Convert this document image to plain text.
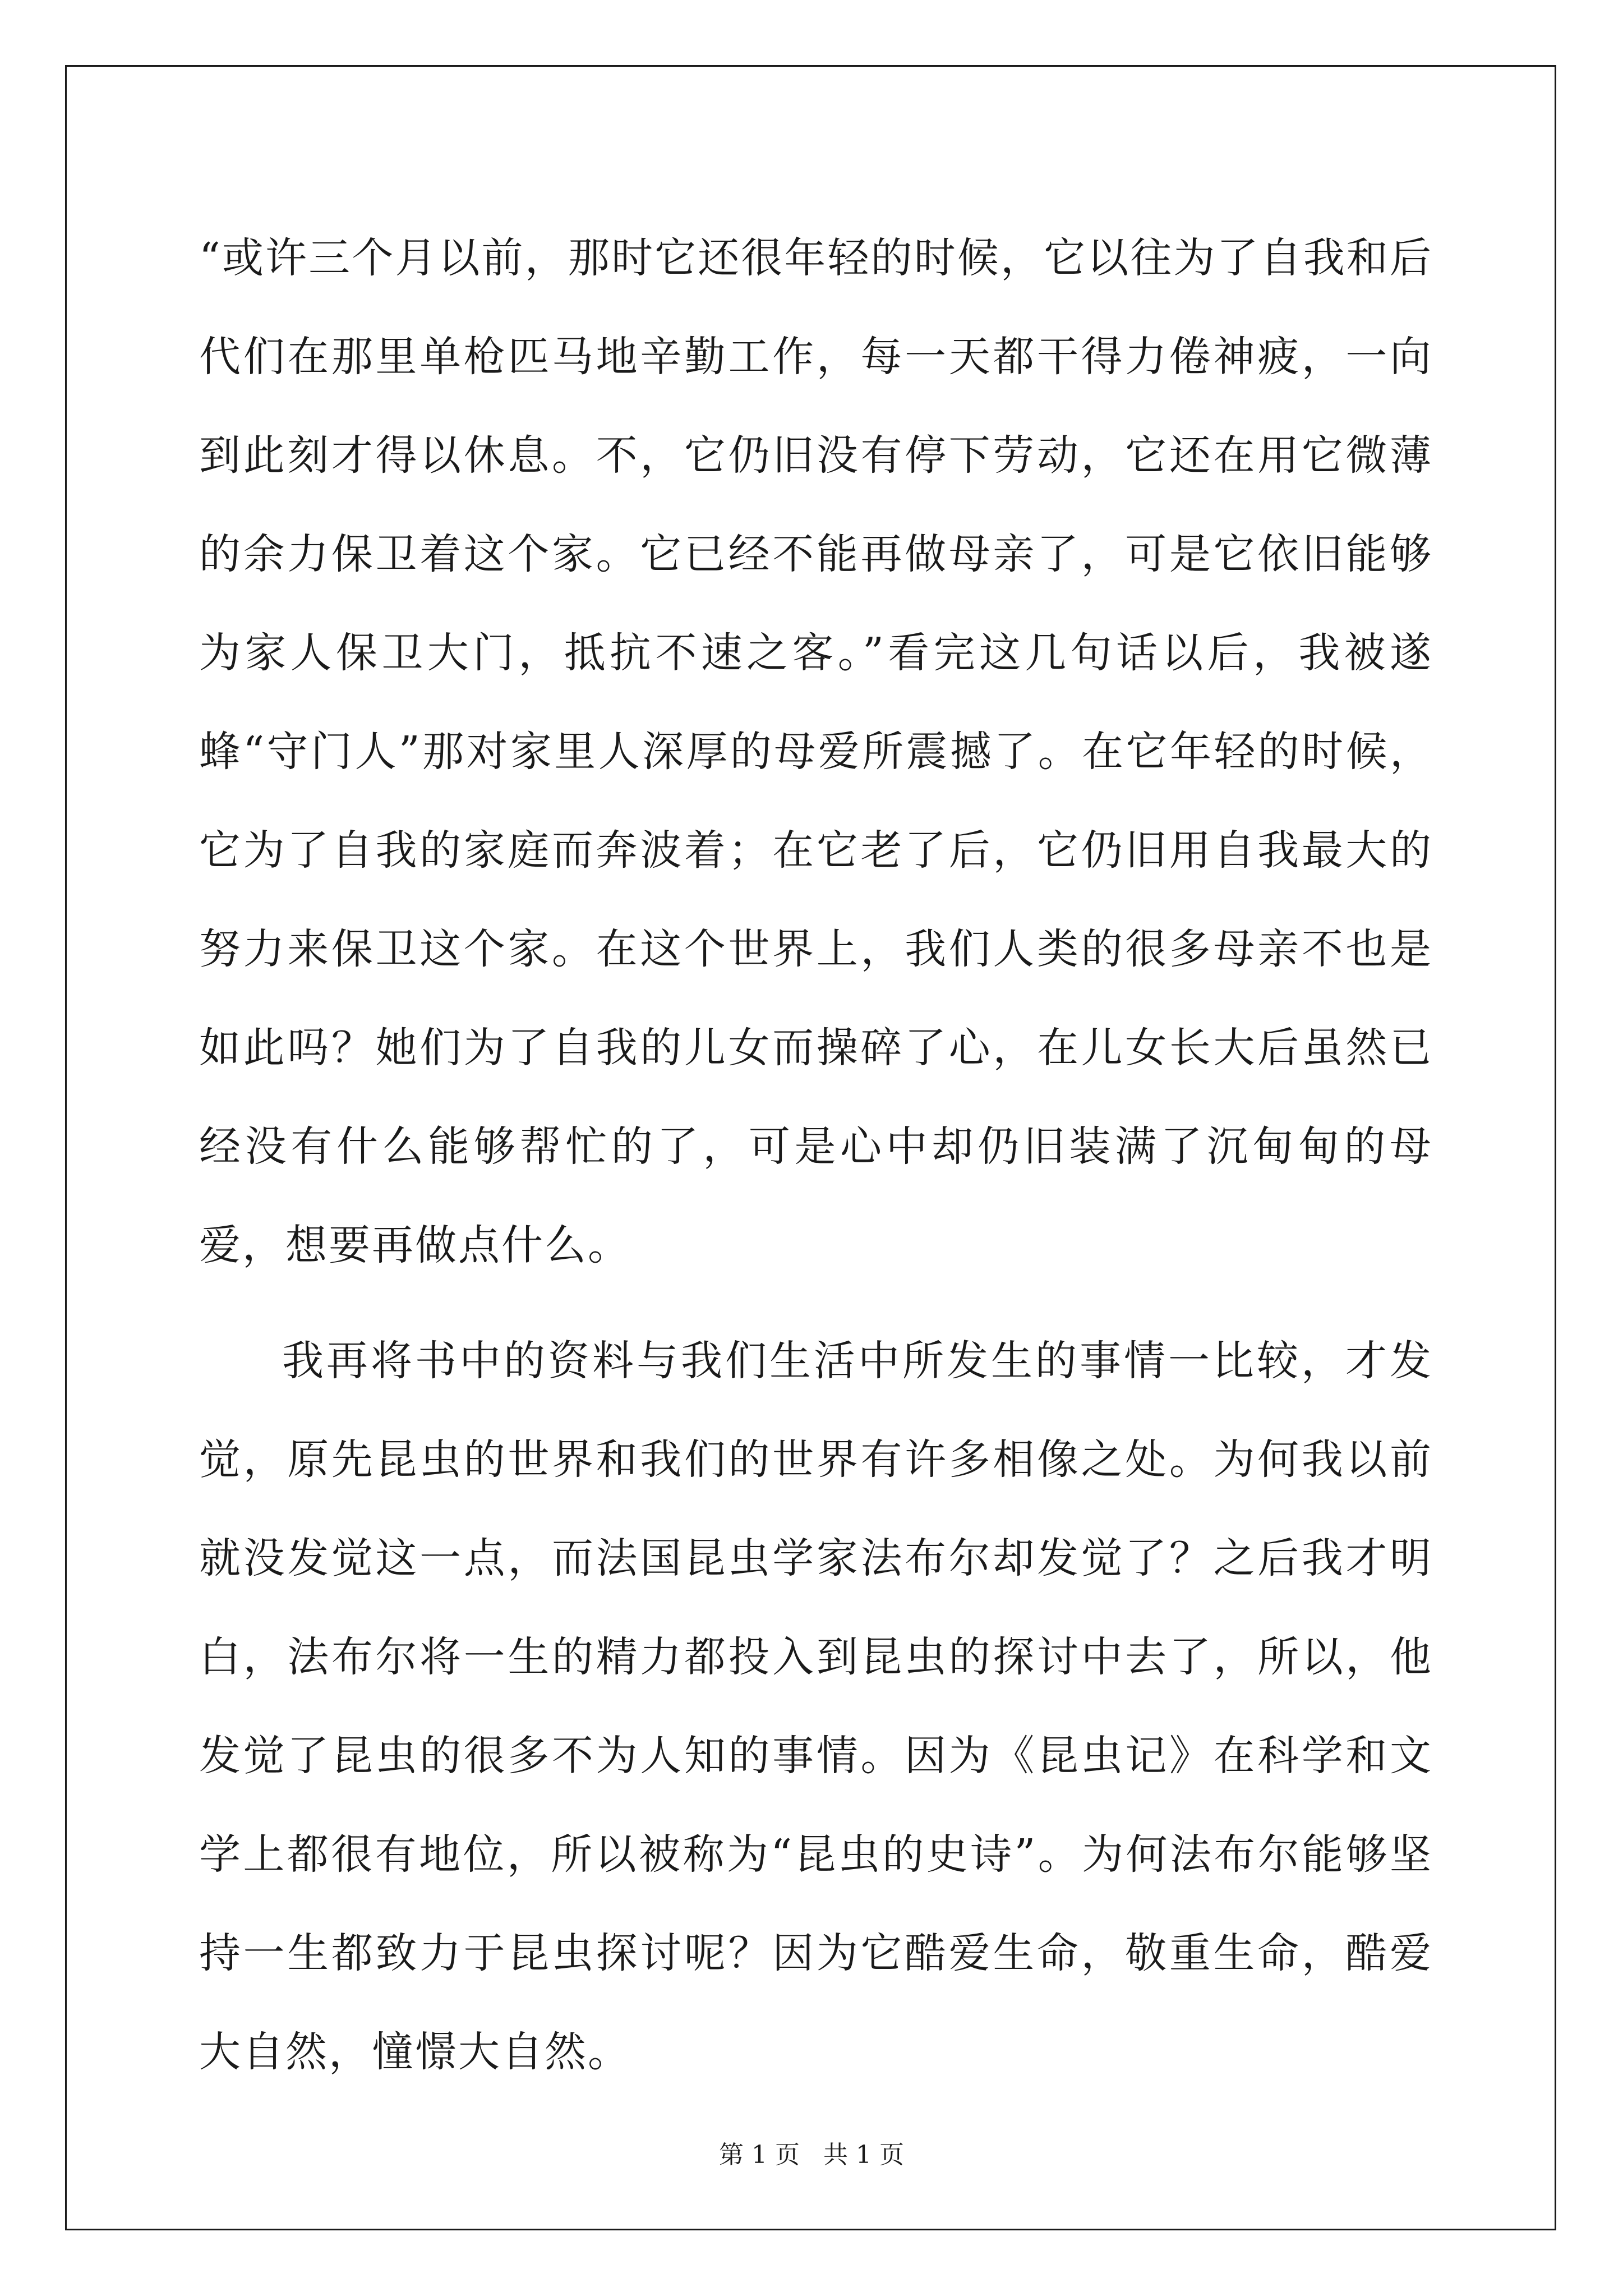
“或许三个月以前，那时它还很年轻的时候，它以往为了自我和后代们在那里单枪匹马地辛勤工作，每一天都干得力倦神疲，一向到此刻才得以休息。不，它仍旧没有停下劳动，它还在用它微薄的余力保卫着这个家。它已经不能再做母亲了，可是它依旧能够为家人保卫大门，抵抗不速之客。”看完这几句话以后，我被遂蜂“守门人”那对家里人深厚的母爱所震撼了。在它年轻的时候，它为了自我的家庭而奔波着；在它老了后，它仍旧用自我最大的努力来保卫这个家。在这个世界上，我们人类的很多母亲不也是如此吗？她们为了自我的儿女而操碎了心，在儿女长大后虽然已经没有什么能够帮忙的了，可是心中却仍旧装满了沉甸甸的母爱，想要再做点什么。

我再将书中的资料与我们生活中所发生的事情一比较，才发觉，原先昆虫的世界和我们的世界有许多相像之处。为何我以前就没发觉这一点，而法国昆虫学家法布尔却发觉了？之后我才明白，法布尔将一生的精力都投入到昆虫的探讨中去了，所以，他发觉了昆虫的很多不为人知的事情。因为《昆虫记》在科学和文学上都很有地位，所以被称为“昆虫的史诗”。为何法布尔能够坚持一生都致力于昆虫探讨呢？因为它酷爱生命，敬重生命，酷爱大自然，憧憬大自然。

第 1 页   共 1 页
